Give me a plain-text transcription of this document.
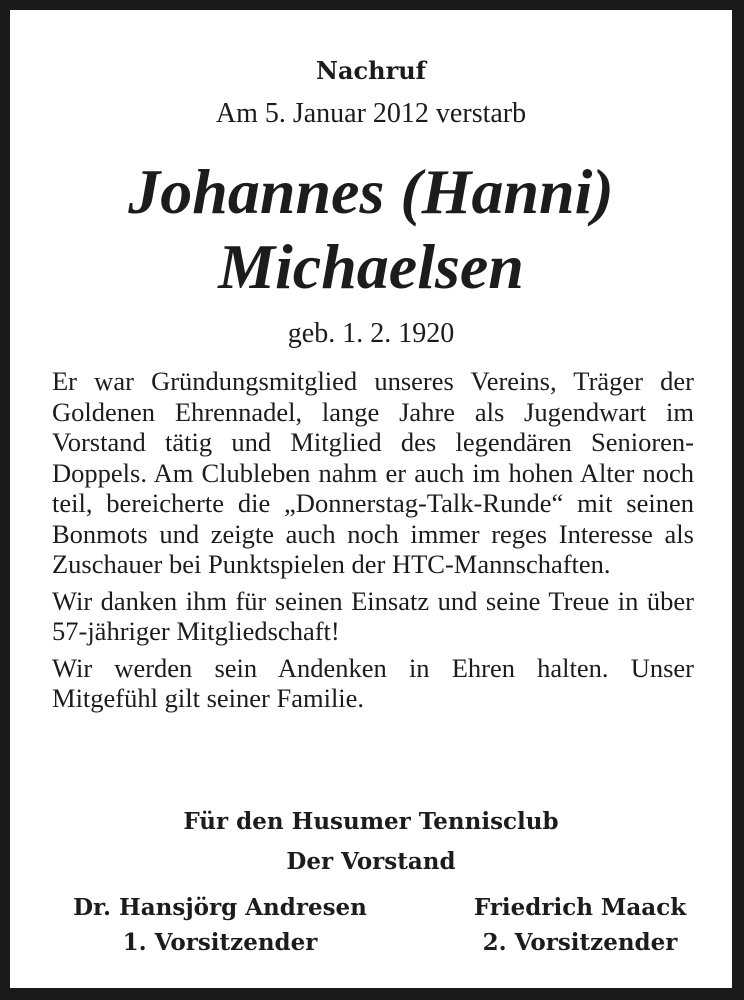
Nachruf
Am 5. Januar 2012 verstarb
Johannes (Hanni)
Michaelsen
geb. 1. 2. 1920

Er war Gründungsmitglied unseres Vereins, Träger der Goldenen Ehrennadel, lange Jahre als Jugendwart im Vorstand tätig und Mitglied des legendären Senioren-Doppels. Am Clubleben nahm er auch im hohen Alter noch teil, bereicherte die „Donnerstag-Talk-Runde“ mit seinen Bonmots und zeigte auch noch immer reges Interesse als Zuschauer bei Punktspielen der HTC-Mannschaften.

Wir danken ihm für seinen Einsatz und seine Treue in über 57-jähriger Mitgliedschaft!

Wir werden sein Andenken in Ehren halten. Unser Mitgefühl gilt seiner Familie.

Für den Husumer Tennisclub
Der Vorstand
Dr. Hansjörg Andresen
1. Vorsitzender
Friedrich Maack
2. Vorsitzender
